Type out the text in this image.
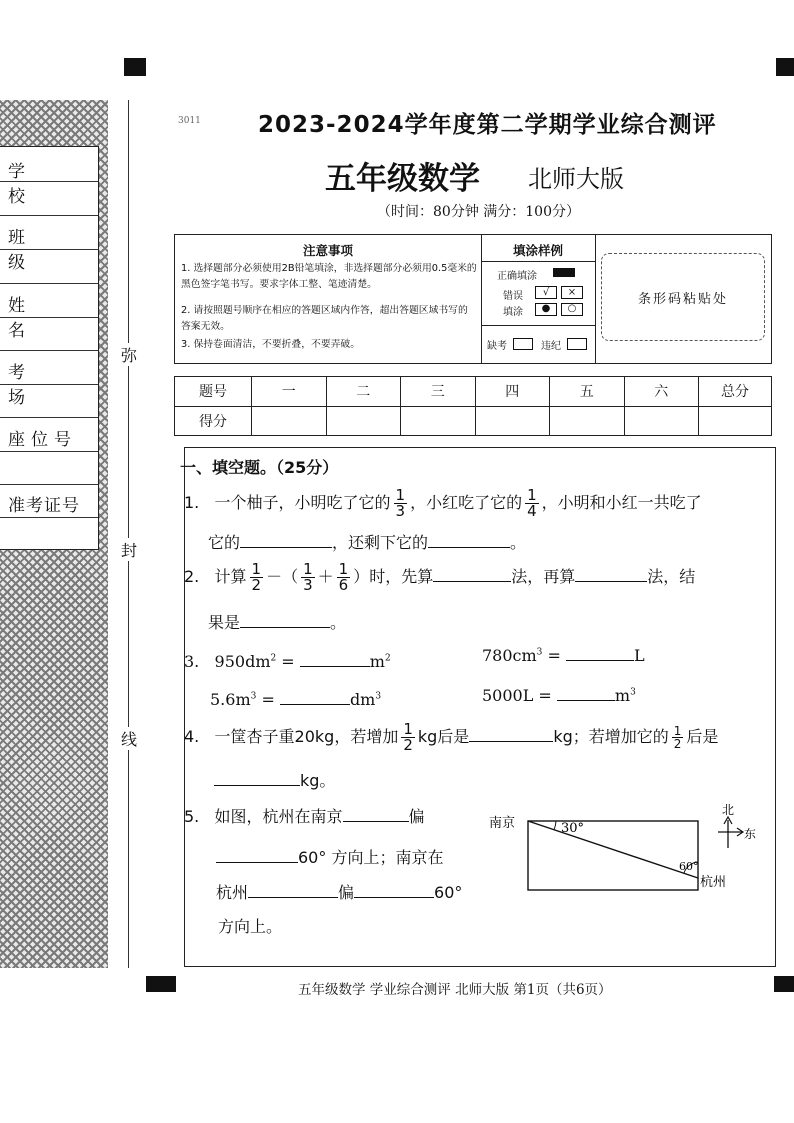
学 校
班 级
姓 名
考 场
座位号
准考证号
弥
封
线
3011 2023-2024学年度第二学期学业综合测评
五年级数学 北师大版
（时间：80分钟 满分：100分）
注意事项
1. 选择题部分必须使用2B铅笔填涂，非选择题部分必须用0.5毫米的黑色签字笔书写。要求字体工整、笔迹清楚。
2. 请按照题号顺序在相应的答题区域内作答，超出答题区域书写的答案无效。
3. 保持卷面清洁，不要折叠，不要弄破。
填涂样例
正确填涂
错误
填涂
√	×
●	○
缺考	违纪
条形码粘贴处
题号	一	二	三	四	五	六	总分
得分							
一、填空题。（25分）
1. 一个柚子，小明吃了它的 $\frac{1}{3}$ ，小红吃了它的 $\frac{1}{4}$ ，小明和小红一共吃了
它的	，还剩下它的	。
2. 计算 $\frac{1}{2}$ －（ $\frac{1}{3} + \frac{1}{6}$ ）时，先算	法，再算	法，结
果是	。
3. $950dm^2$ =	$m^2$	$780cm^3$ =	L
$5.6m^3$ =	$dm^3$	5000L =	$m^3$
4. 一筐杏子重20kg，若增加 $\frac{1}{2}$ kg后是	kg；若增加它的 $\frac{1}{2}$ 后是
kg。
5. 如图，杭州在南京	偏
60° 方向上；南京在
杭州	偏	60°
方向上。
南京
杭州
30°
60°
北
东
五年级数学 学业综合测评 北师大版 第1页（共6页）
